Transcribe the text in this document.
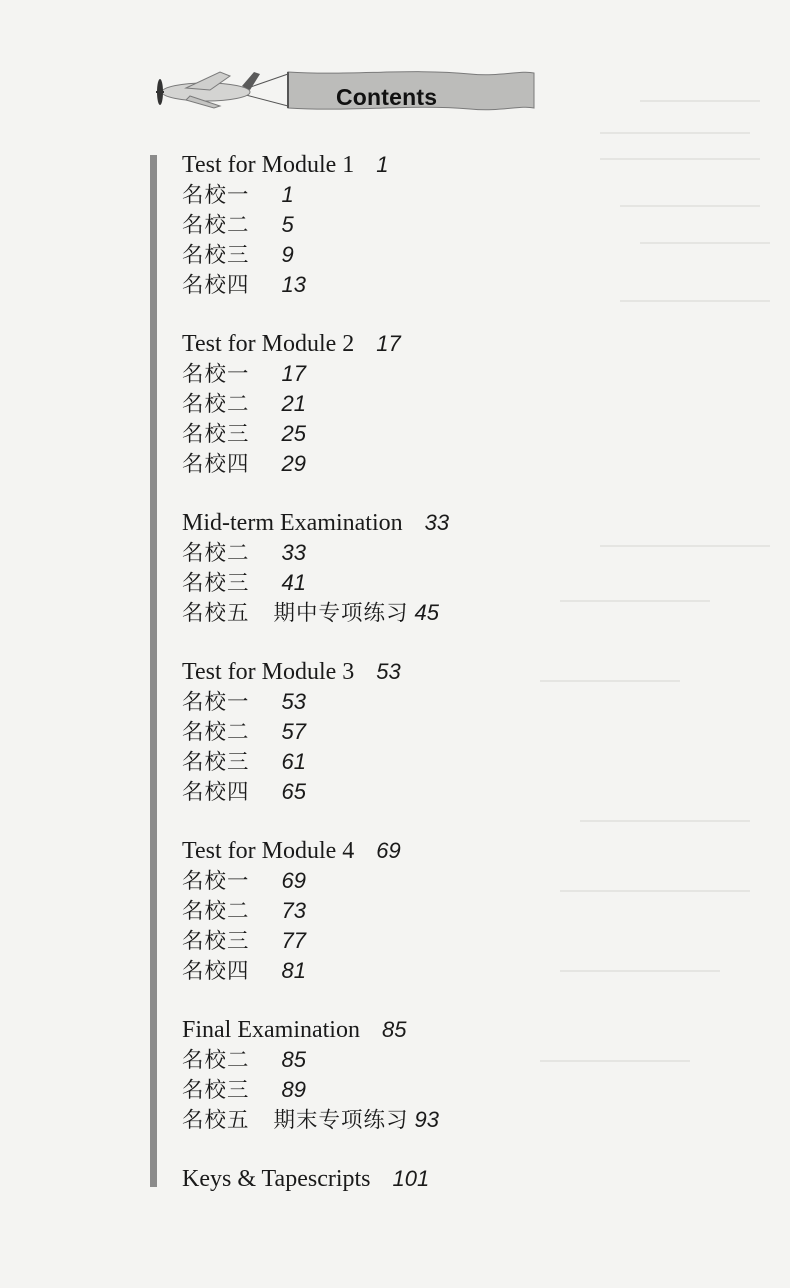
Contents
Test for Module 1 1
名校一 1
名校二 5
名校三 9
名校四 13
Test for Module 2 17
名校一 17
名校二 21
名校三 25
名校四 29
Mid-term Examination 33
名校二 33
名校三 41
名校五 期中专项练习 45
Test for Module 3 53
名校一 53
名校二 57
名校三 61
名校四 65
Test for Module 4 69
名校一 69
名校二 73
名校三 77
名校四 81
Final Examination 85
名校二 85
名校三 89
名校五 期末专项练习 93
Keys & Tapescripts 101
